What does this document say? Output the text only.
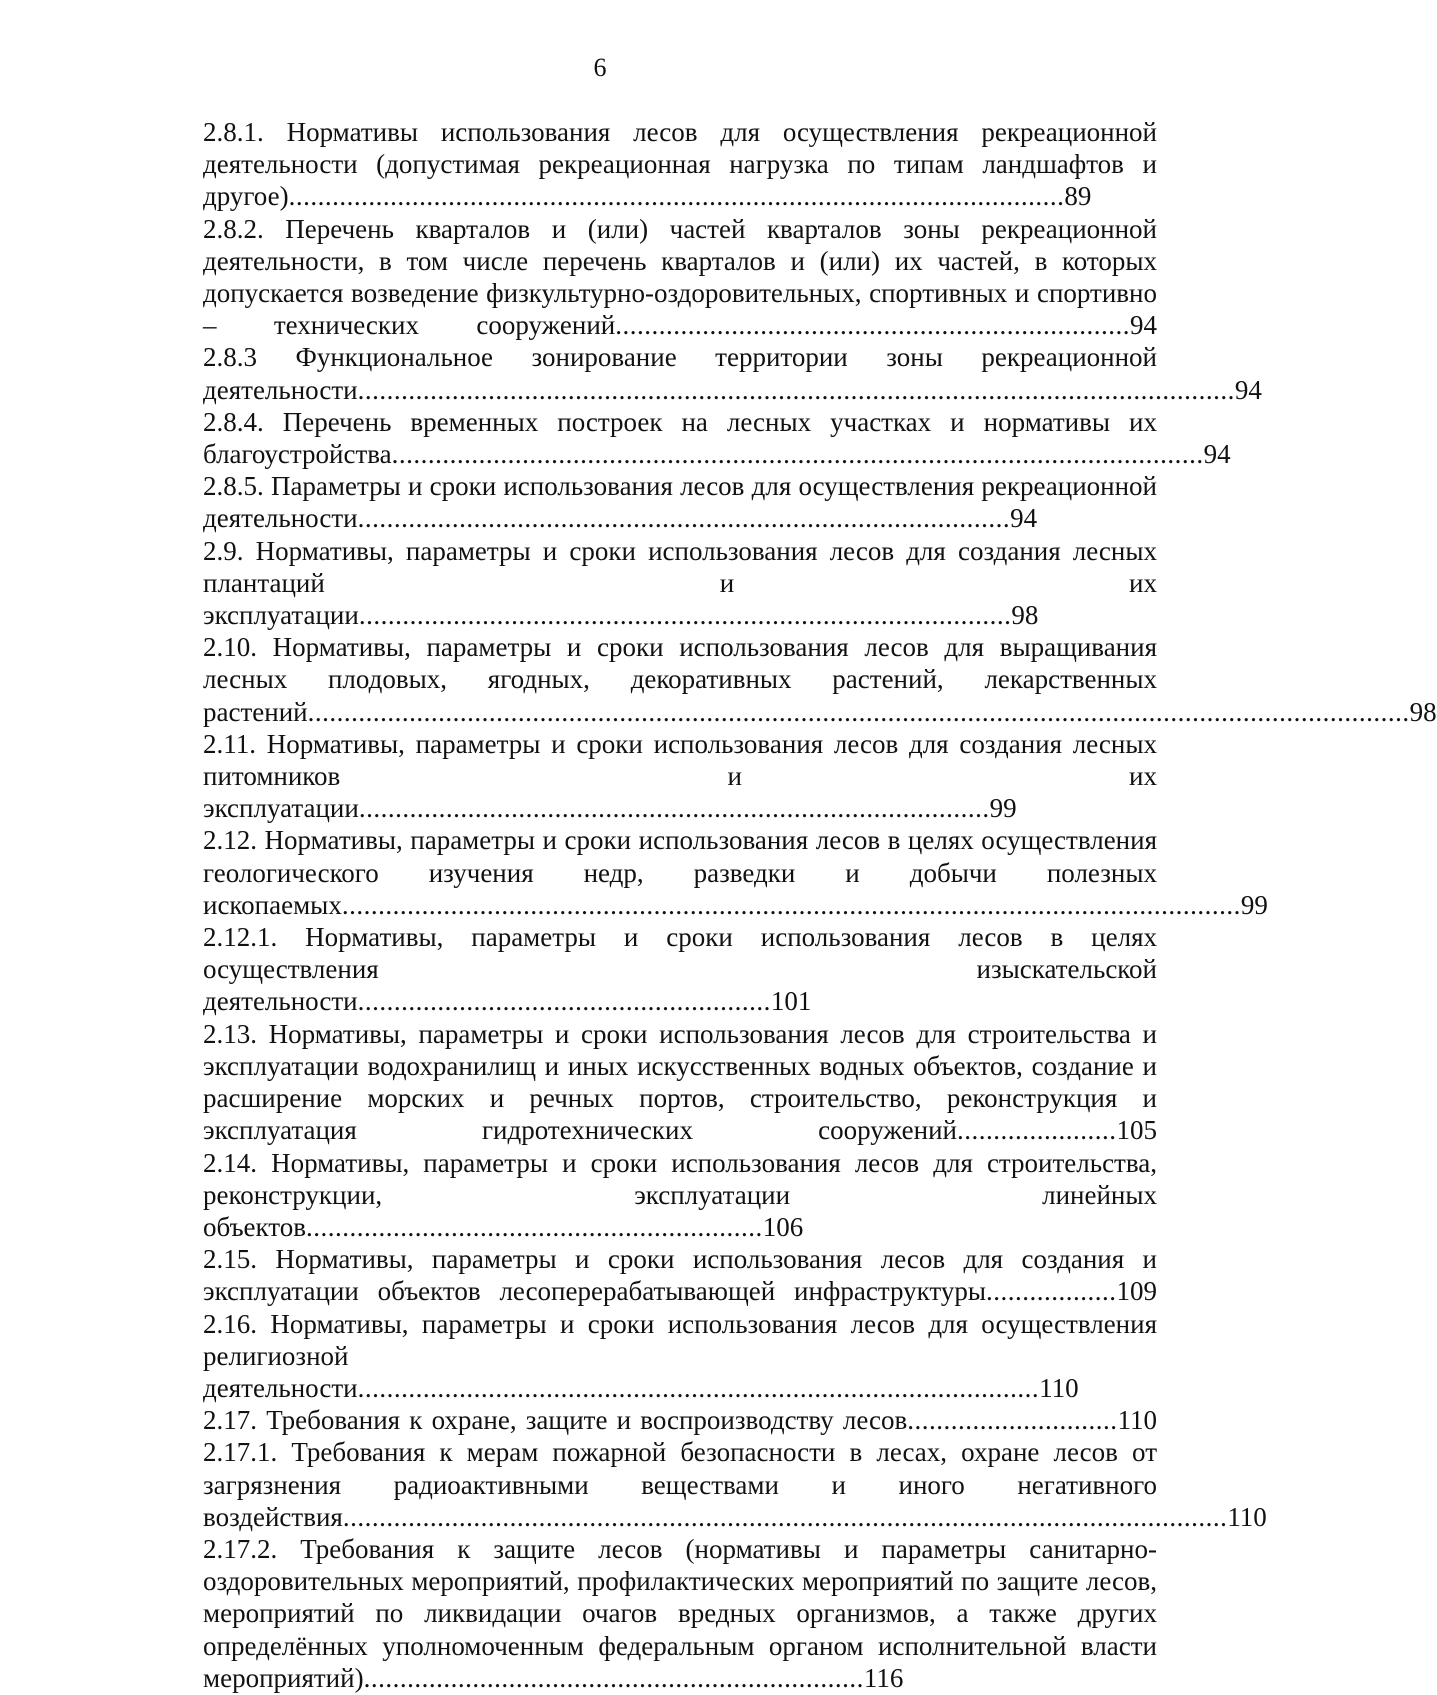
6
2.8.1. Нормативы использования лесов для осуществления рекреационной деятельности (допустимая рекреационная нагрузка по типам ландшафтов и другое)...........................................................................................................89
2.8.2. Перечень кварталов и (или) частей кварталов зоны рекреационной деятельности, в том числе перечень кварталов и (или) их частей, в которых допускается возведение физкультурно-оздоровительных, спортивных и спортивно – технических сооружений.......................................................................94
2.8.3 Функциональное зонирование территории зоны рекреационной деятельности.........................................................................................................................94
2.8.4. Перечень временных построек на лесных участках и нормативы их благоустройства................................................................................................................94
2.8.5. Параметры и сроки использования лесов для осуществления рекреационной деятельности..........................................................................................94
2.9. Нормативы, параметры и сроки использования лесов для создания лесных плантаций и их эксплуатации..........................................................................................98
2.10. Нормативы, параметры и сроки использования лесов для выращивания лесных плодовых, ягодных, декоративных растений, лекарственных растений........................................................................................................................................................98
2.11. Нормативы, параметры и сроки использования лесов для создания лесных питомников и их эксплуатации.......................................................................................99
2.12. Нормативы, параметры и сроки использования лесов в целях осуществления геологического изучения недр, разведки и добычи полезных ископаемых............................................................................................................................99
2.12.1. Нормативы, параметры и сроки использования лесов в целях осуществления изыскательской деятельности.........................................................101
2.13. Нормативы, параметры и сроки использования лесов для строительства и эксплуатации водохранилищ и иных искусственных водных объектов, создание и расширение морских и речных портов, строительство, реконструкция и эксплуатация гидротехнических сооружений......................105
2.14. Нормативы, параметры и сроки использования лесов для строительства, реконструкции, эксплуатации линейных объектов...............................................................106
2.15. Нормативы, параметры и сроки использования лесов для создания и эксплуатации объектов лесоперерабатывающей инфраструктуры..................109
2.16. Нормативы, параметры и сроки использования лесов для осуществления религиозной деятельности..............................................................................................110
2.17. Требования к охране, защите и воспроизводству лесов.............................110
2.17.1. Требования к мерам пожарной безопасности в лесах, охране лесов от загрязнения радиоактивными веществами и иного негативного воздействия..........................................................................................................................110
2.17.2. Требования к защите лесов (нормативы и параметры санитарно-оздоровительных мероприятий, профилактических мероприятий по защите лесов, мероприятий по ликвидации очагов вредных организмов, а также других определённых уполномоченным федеральным органом исполнительной власти мероприятий).....................................................................116
